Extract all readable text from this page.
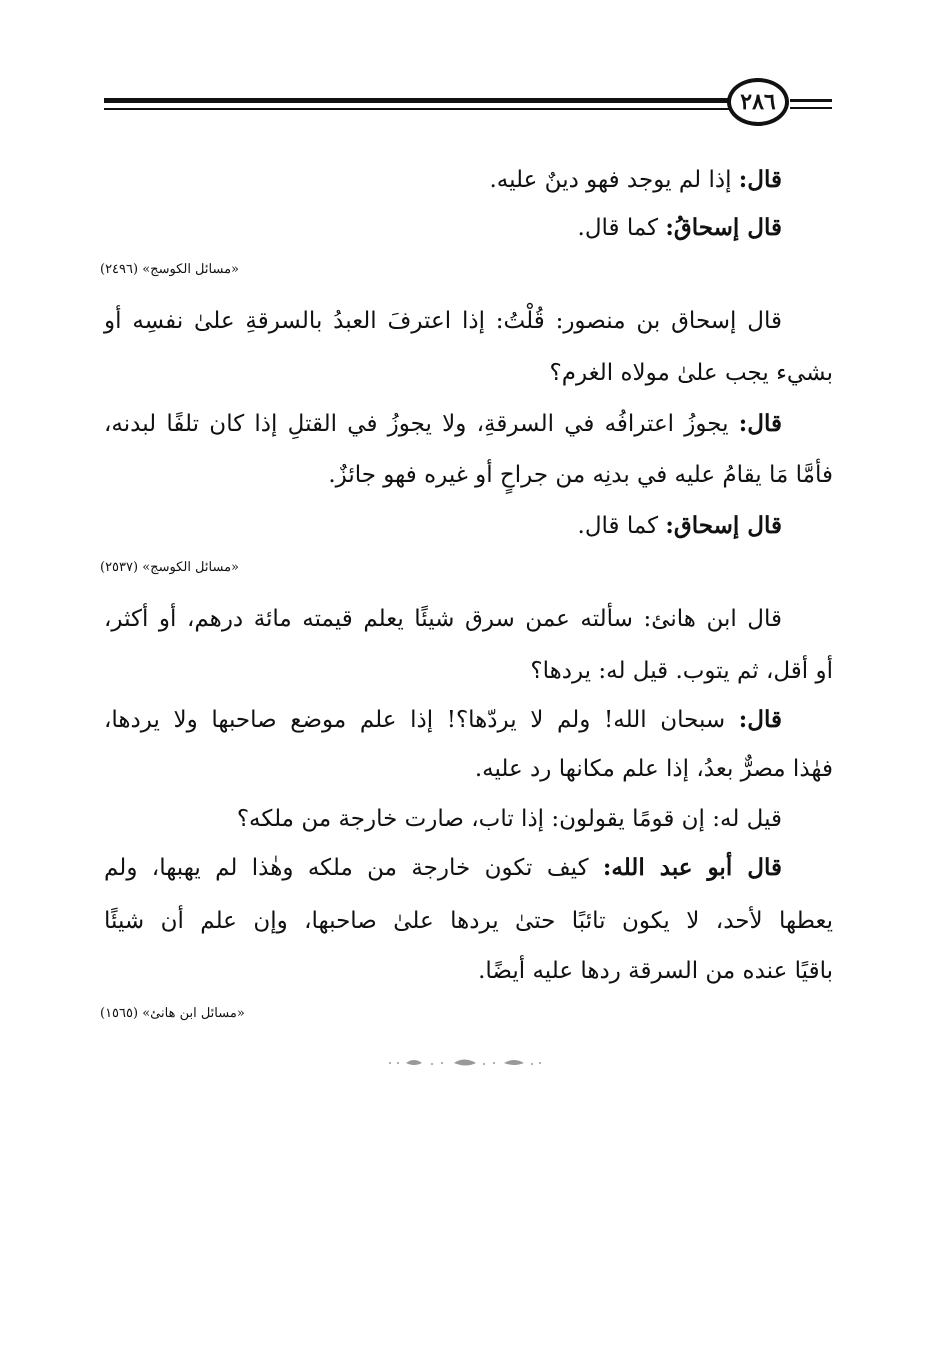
٢٨٦
قال: إذا لم يوجد فهو دينٌ عليه.
قال إسحاقُ: كما قال.
«مسائل الكوسج» (٢٤٩٦)
قال إسحاق بن منصور: قُلْتُ: إذا اعترفَ العبدُ بالسرقةِ علىٰ نفسِه أو
بشيء يجب علىٰ مولاه الغرم؟
قال: يجوزُ اعترافُه في السرقةِ، ولا يجوزُ في القتلِ إذا كان تلفًا لبدنه،
فأمَّا مَا يقامُ عليه في بدنِه من جراحٍ أو غيره فهو جائزٌ.
قال إسحاق: كما قال.
«مسائل الكوسج» (٢٥٣٧)
قال ابن هانئ: سألته عمن سرق شيئًا يعلم قيمته مائة درهم، أو أكثر،
أو أقل، ثم يتوب. قيل له: يردها؟
قال: سبحان الله! ولم لا يردّها؟! إذا علم موضع صاحبها ولا يردها،
فهٰذا مصرٌّ بعدُ، إذا علم مكانها رد عليه.
قيل له: إن قومًا يقولون: إذا تاب، صارت خارجة من ملكه؟
قال أبو عبد الله: كيف تكون خارجة من ملكه وهٰذا لم يهبها، ولم
يعطها لأحد، لا يكون تائبًا حتىٰ يردها علىٰ صاحبها، وإن علم أن شيئًا
باقيًا عنده من السرقة ردها عليه أيضًا.
«مسائل ابن هانئ» (١٥٦٥)
